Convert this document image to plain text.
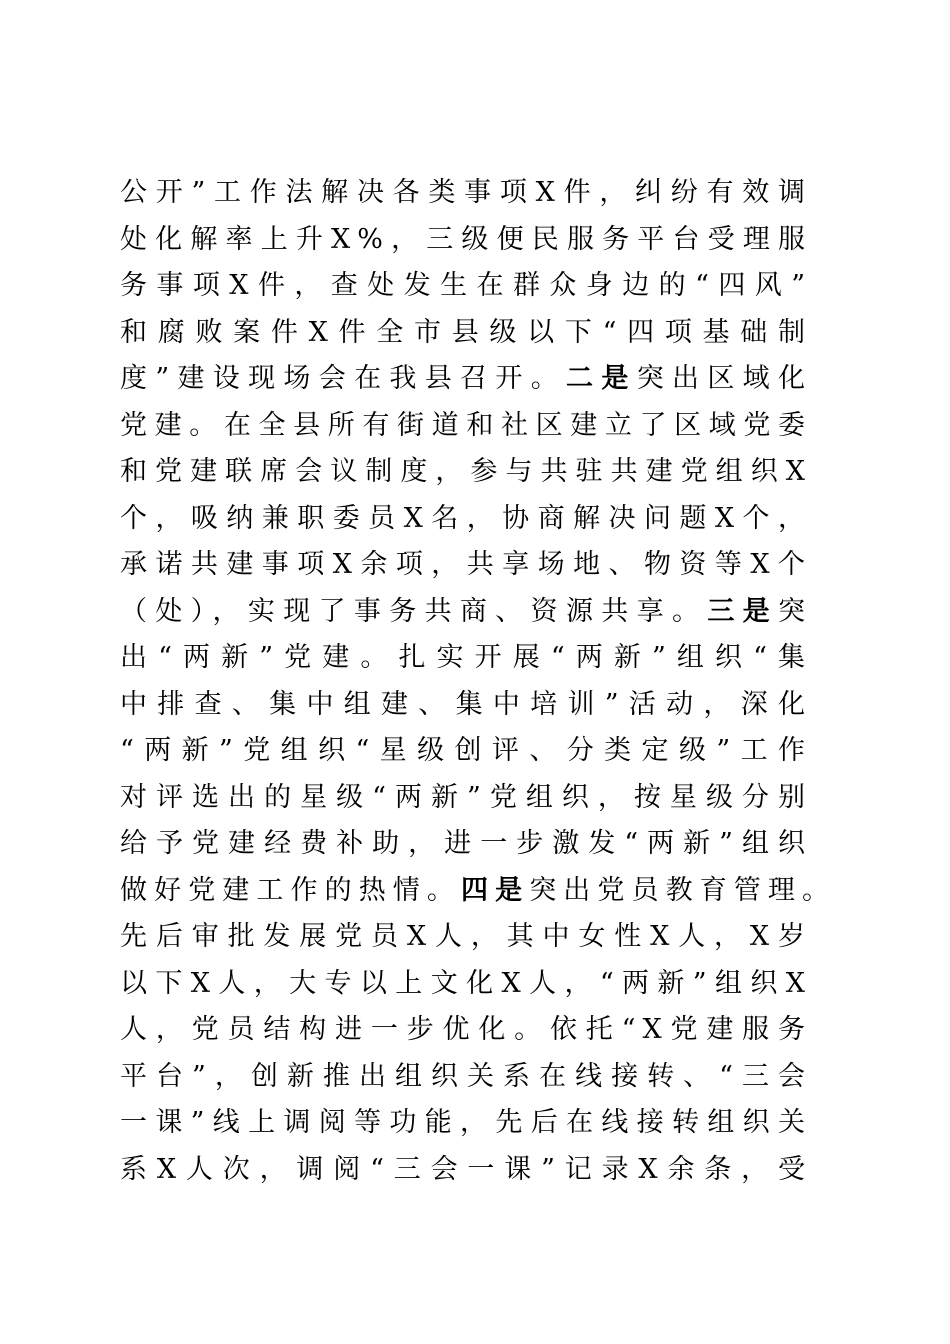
公开”工作法解决各类事项X件，纠纷有效调
处化解率上升X%，三级便民服务平台受理服
务事项X件，查处发生在群众身边的“四风”
和腐败案件X件全市县级以下“四项基础制
度”建设现场会在我县召开。二是突出区域化
党建。在全县所有街道和社区建立了区域党委
和党建联席会议制度，参与共驻共建党组织X
个，吸纳兼职委员X名，协商解决问题X个，
承诺共建事项X余项，共享场地、物资等X个
（处），实现了事务共商、资源共享。三是突
出“两新”党建。扎实开展“两新”组织“集
中排查、集中组建、集中培训”活动，深化
“两新”党组织“星级创评、分类定级”工作
对评选出的星级“两新”党组织，按星级分别
给予党建经费补助，进一步激发“两新”组织
做好党建工作的热情。四是突出党员教育管理。
先后审批发展党员X人，其中女性X人，X岁
以下X人，大专以上文化X人，“两新”组织X
人，党员结构进一步优化。依托“X党建服务
平台”，创新推出组织关系在线接转、“三会
一课”线上调阅等功能，先后在线接转组织关
系X人次，调阅“三会一课”记录X余条，受
